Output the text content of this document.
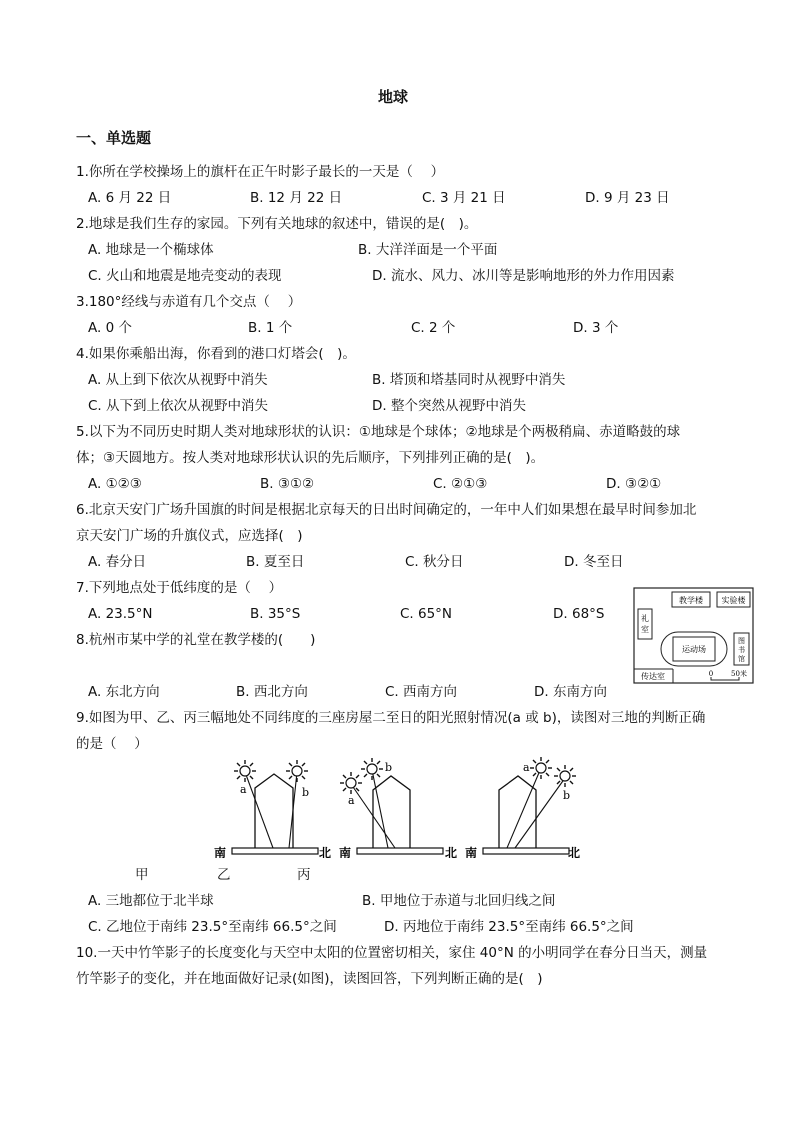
地球
一、单选题
1.你所在学校操场上的旗杆在正午时影子最长的一天是（　 ）
A. 6 月 22 日	B. 12 月 22 日	C. 3 月 21 日	D. 9 月 23 日
2.地球是我们生存的家园。下列有关地球的叙述中，错误的是(　)。
A. 地球是一个椭球体	B. 大洋洋面是一个平面
C. 火山和地震是地壳变动的表现	D. 流水、风力、冰川等是影响地形的外力作用因素
3.180°经线与赤道有几个交点（　 ）
A. 0 个	B. 1 个	C. 2 个	D. 3 个
4.如果你乘船出海，你看到的港口灯塔会(　)。
A. 从上到下依次从视野中消失	B. 塔顶和塔基同时从视野中消失
C. 从下到上依次从视野中消失	D. 整个突然从视野中消失
5.以下为不同历史时期人类对地球形状的认识：①地球是个球体；②地球是个两极稍扁、赤道略鼓的球
体；③天圆地方。按人类对地球形状认识的先后顺序，下列排列正确的是(　)。
A. ①②③	B. ③①②	C. ②①③	D. ③②①
6.北京天安门广场升国旗的时间是根据北京每天的日出时间确定的，一年中人们如果想在最早时间参加北
京天安门广场的升旗仪式，应选择(　)
A. 春分日	B. 夏至日	C. 秋分日	D. 冬至日
7.下列地点处于低纬度的是（　 ）
A. 23.5°N	B. 35°S	C. 65°N	D. 68°S
8.杭州市某中学的礼堂在教学楼的(　　)
A. 东北方向	B. 西北方向	C. 西南方向	D. 东南方向
教学楼 实验楼
礼
室
运动场
图
书
馆
传达室	0	50米
9.如图为甲、乙、丙三幅地处不同纬度的三座房屋二至日的阳光照射情况(a 或 b)，读图对三地的判断正确
的是（　 ）
a	b
南	北
a
b
南	北
a
b
南	北
甲	乙	丙
A. 三地都位于北半球	B. 甲地位于赤道与北回归线之间
C. 乙地位于南纬 23.5°至南纬 66.5°之间	D. 丙地位于南纬 23.5°至南纬 66.5°之间
10.一天中竹竿影子的长度变化与天空中太阳的位置密切相关，家住 40°N 的小明同学在春分日当天，测量
竹竿影子的变化，并在地面做好记录(如图)，读图回答，下列判断正确的是(　)
